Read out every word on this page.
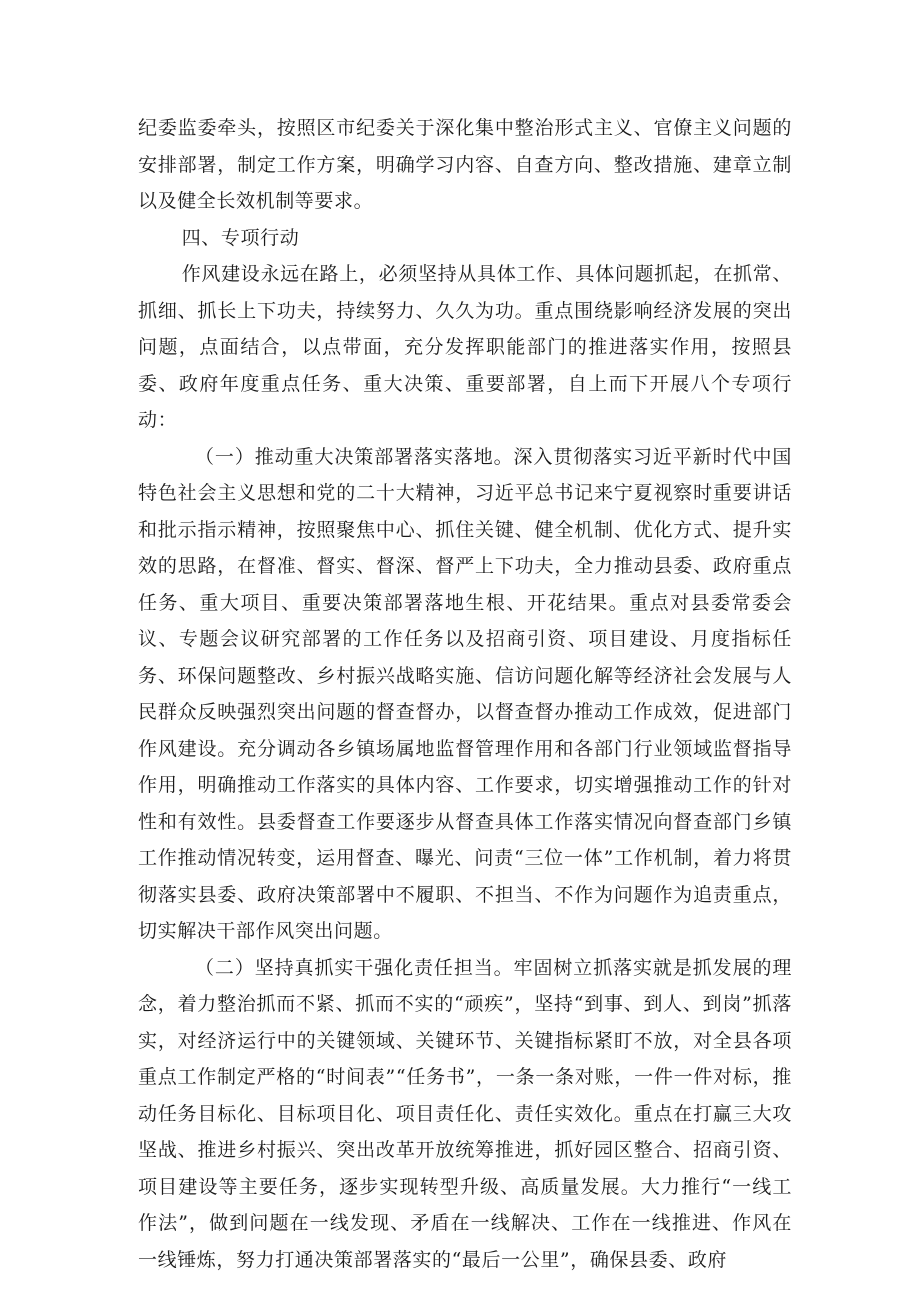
纪委监委牵头，按照区市纪委关于深化集中整治形式主义、官僚主义问题的安排部署，制定工作方案，明确学习内容、自查方向、整改措施、建章立制以及健全长效机制等要求。

四、专项行动

作风建设永远在路上，必须坚持从具体工作、具体问题抓起，在抓常、抓细、抓长上下功夫，持续努力、久久为功。重点围绕影响经济发展的突出问题，点面结合，以点带面，充分发挥职能部门的推进落实作用，按照县委、政府年度重点任务、重大决策、重要部署，自上而下开展八个专项行动：

（一）推动重大决策部署落实落地。深入贯彻落实习近平新时代中国特色社会主义思想和党的二十大精神，习近平总书记来宁夏视察时重要讲话和批示指示精神，按照聚焦中心、抓住关键、健全机制、优化方式、提升实效的思路，在督准、督实、督深、督严上下功夫，全力推动县委、政府重点任务、重大项目、重要决策部署落地生根、开花结果。重点对县委常委会议、专题会议研究部署的工作任务以及招商引资、项目建设、月度指标任务、环保问题整改、乡村振兴战略实施、信访问题化解等经济社会发展与人民群众反映强烈突出问题的督查督办，以督查督办推动工作成效，促进部门作风建设。充分调动各乡镇场属地监督管理作用和各部门行业领域监督指导作用，明确推动工作落实的具体内容、工作要求，切实增强推动工作的针对性和有效性。县委督查工作要逐步从督查具体工作落实情况向督查部门乡镇工作推动情况转变，运用督查、曝光、问责“三位一体”工作机制，着力将贯彻落实县委、政府决策部署中不履职、不担当、不作为问题作为追责重点，切实解决干部作风突出问题。

（二）坚持真抓实干强化责任担当。牢固树立抓落实就是抓发展的理念，着力整治抓而不紧、抓而不实的“顽疾”，坚持“到事、到人、到岗”抓落实，对经济运行中的关键领域、关键环节、关键指标紧盯不放，对全县各项重点工作制定严格的“时间表”“任务书”，一条一条对账，一件一件对标，推动任务目标化、目标项目化、项目责任化、责任实效化。重点在打赢三大攻坚战、推进乡村振兴、突出改革开放统筹推进，抓好园区整合、招商引资、项目建设等主要任务，逐步实现转型升级、高质量发展。大力推行“一线工作法”，做到问题在一线发现、矛盾在一线解决、工作在一线推进、作风在一线锤炼，努力打通决策部署落实的“最后一公里”，确保县委、政府
